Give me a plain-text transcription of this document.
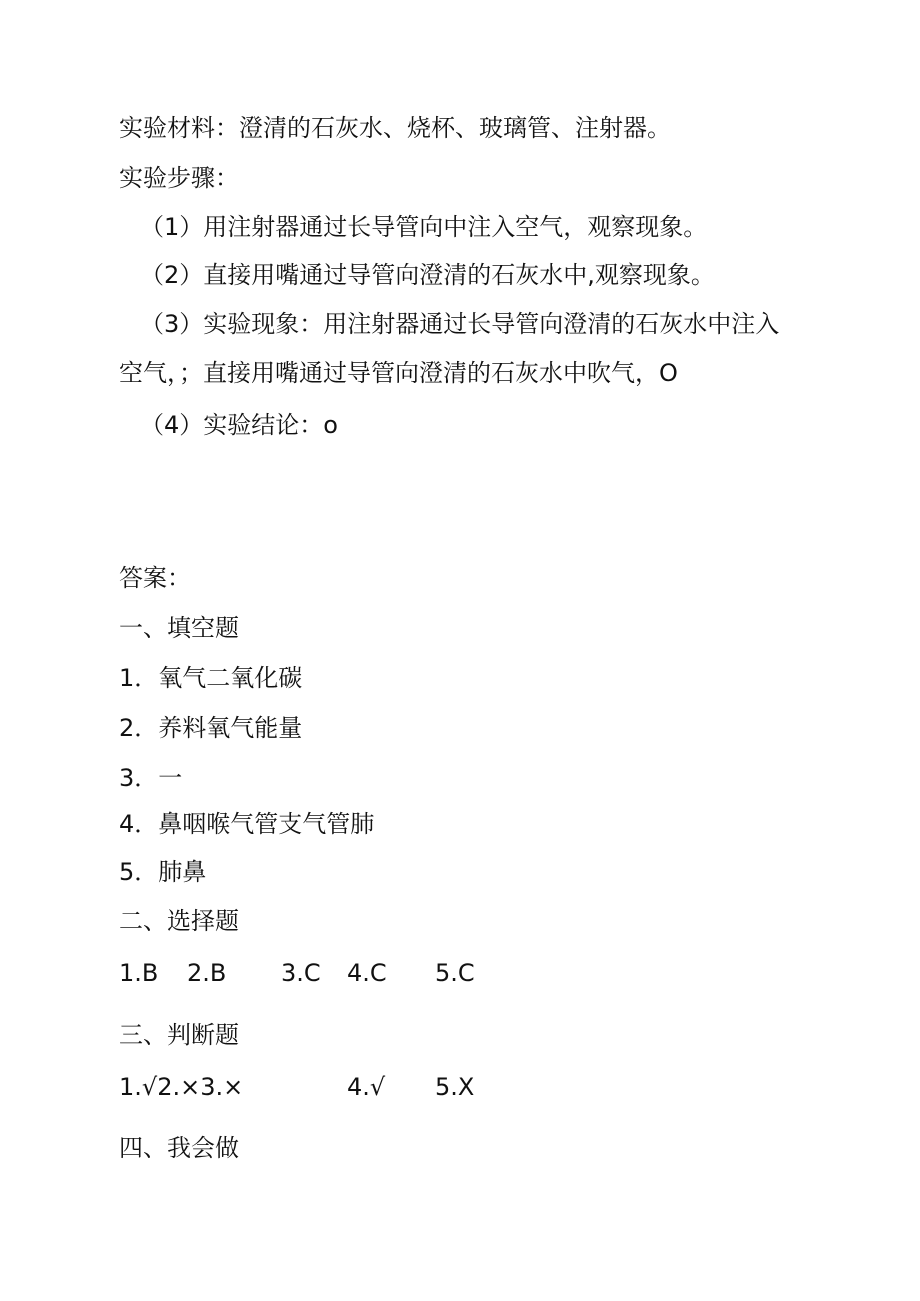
实验材料：澄清的石灰水、烧杯、玻璃管、注射器。
实验步骤：
（1）用注射器通过长导管向中注入空气，观察现象。
（2）直接用嘴通过导管向澄清的石灰水中,观察现象。
（3）实验现象：用注射器通过长导管向澄清的石灰水中注入
空气，；直接用嘴通过导管向澄清的石灰水中吹气，O
（4）实验结论：o
答案：
一、填空题
1．氧气二氧化碳
2．养料氧气能量
3．一
4．鼻咽喉气管支气管肺
5．肺鼻
二、选择题
1.B 2.B 3.C 4.C 5.C
三、判断题
1.√2.×3.×	4.√ 5.X
四、我会做
